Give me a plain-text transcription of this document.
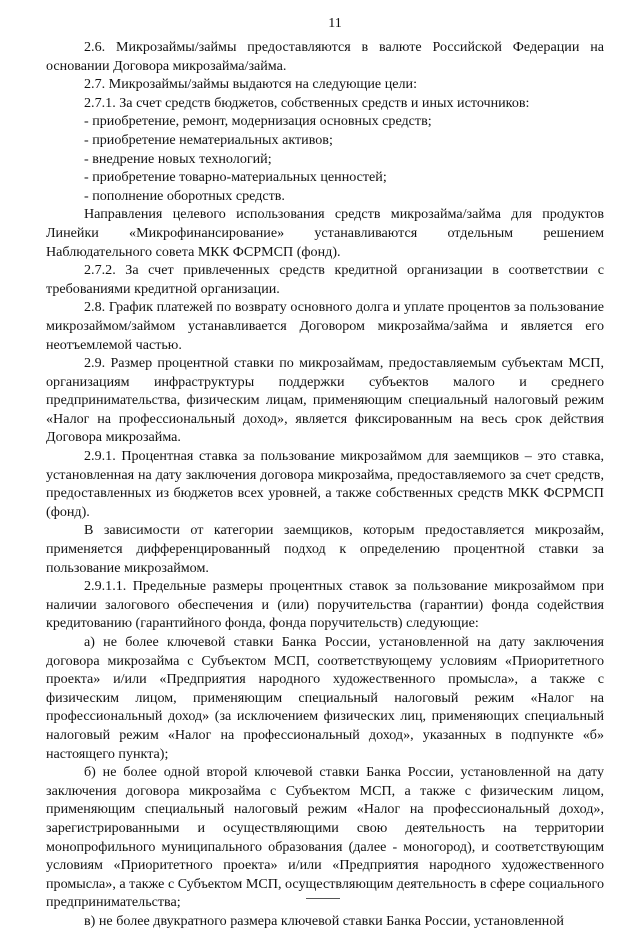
11

2.6. Микрозаймы/займы предоставляются в валюте Российской Федерации на основании Договора микрозайма/займа.

2.7. Микрозаймы/займы выдаются на следующие цели:

2.7.1. За счет средств бюджетов, собственных средств и иных источников:

- приобретение, ремонт, модернизация основных средств;

- приобретение нематериальных активов;

- внедрение новых технологий;

- приобретение товарно-материальных ценностей;

- пополнение оборотных средств.

Направления целевого использования средств микрозайма/займа для продуктов Линейки «Микрофинансирование» устанавливаются отдельным решением Наблюдательного совета МКК ФСРМСП (фонд).

2.7.2. За счет привлеченных средств кредитной организации в соответствии с требованиями кредитной организации.

2.8. График платежей по возврату основного долга и уплате процентов за пользование микрозаймом/займом устанавливается Договором микрозайма/займа и является его неотъемлемой частью.

2.9. Размер процентной ставки по микрозаймам, предоставляемым субъектам МСП, организациям инфраструктуры поддержки субъектов малого и среднего предпринимательства, физическим лицам, применяющим специальный налоговый режим «Налог на профессиональный доход», является фиксированным на весь срок действия Договора микрозайма.

2.9.1. Процентная ставка за пользование микрозаймом для заемщиков – это ставка, установленная на дату заключения договора микрозайма, предоставляемого за счет средств, предоставленных из бюджетов всех уровней, а также собственных средств МКК ФСРМСП (фонд).

В зависимости от категории заемщиков, которым предоставляется микрозайм, применяется дифференцированный подход к определению процентной ставки за пользование микрозаймом.

2.9.1.1. Предельные размеры процентных ставок за пользование микрозаймом при наличии залогового обеспечения и (или) поручительства (гарантии) фонда содействия кредитованию (гарантийного фонда, фонда поручительств) следующие:

а) не более ключевой ставки Банка России, установленной на дату заключения договора микрозайма с Субъектом МСП, соответствующему условиям «Приоритетного проекта» и/или «Предприятия народного художественного промысла», а также с физическим лицом, применяющим специальный налоговый режим «Налог на профессиональный доход» (за исключением физических лиц, применяющих специальный налоговый режим «Налог на профессиональный доход», указанных в подпункте «б» настоящего пункта);

б) не более одной второй ключевой ставки Банка России, установленной на дату заключения договора микрозайма с Субъектом МСП, а также с физическим лицом, применяющим специальный налоговый режим «Налог на профессиональный доход», зарегистрированными и осуществляющими свою деятельность на территории монопрофильного муниципального образования (далее - моногород), и соответствующим условиям «Приоритетного проекта» и/или «Предприятия народного художественного промысла», а также с Субъектом МСП, осуществляющим деятельность в сфере социального предпринимательства;

в) не более двукратного размера ключевой ставки Банка России, установленной
